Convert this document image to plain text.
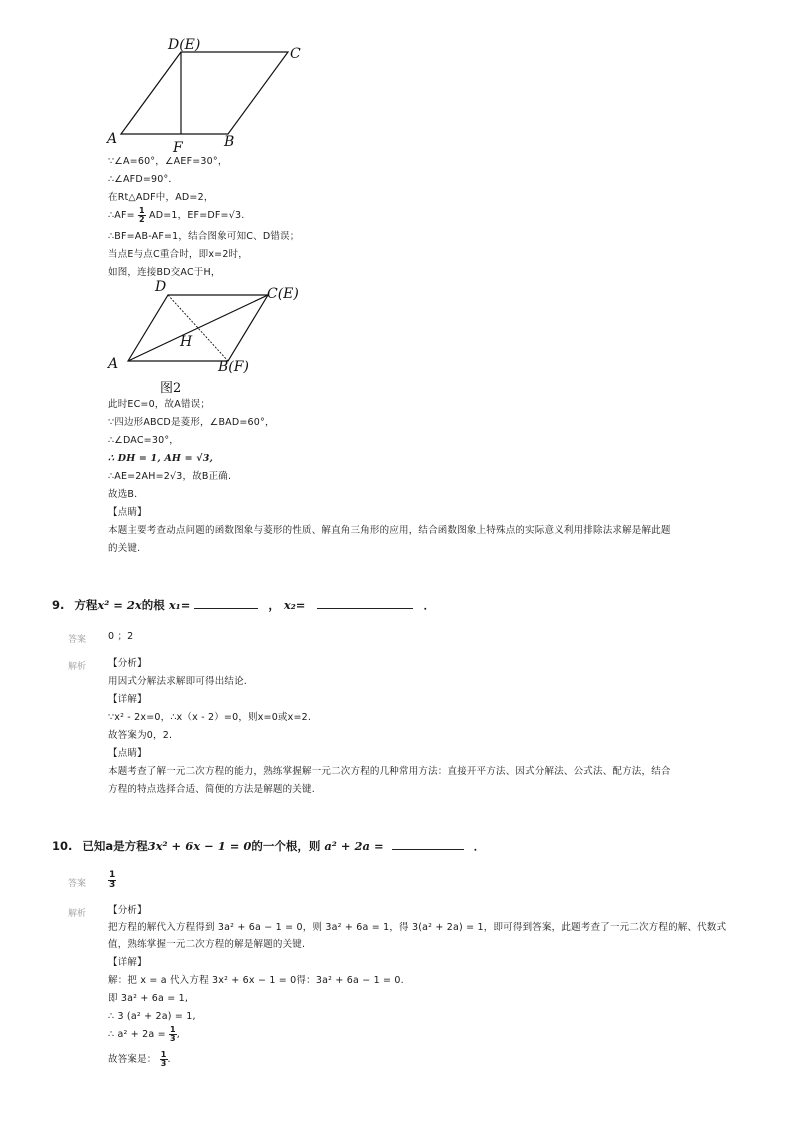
D(E)
C
A
F	B
∵∠A=60°，∠AEF=30°，
∴∠AFD=90°．
在Rt△ADF中，AD=2，
∴AF= $\frac{1}{2} AD=1$，EF=DF=√3.
∴BF=AB-AF=1，结合图象可知C、D错误；
当点E与点C重合时，即x=2时，
如图，连接BD交AC于H，
D	C(E)
A
H
B(F)
图2
此时EC=0，故A错误；
∵四边形ABCD是菱形，∠BAD=60°，
∴∠DAC=30°，
∴ DH = 1, AH = √3,
∴AE=2AH=2√3，故B正确.
故选B.
【点睛】
本题主要考查动点问题的函数图象与菱形的性质、解直角三角形的应用，结合函数图象上特殊点的实际意义利用排除法求解是解此题
的关键.
9. 方程x² = 2x的根 x₁=	， x₂=	．
答案 0 ；2
解析 【分析】
用因式分解法求解即可得出结论.
【详解】
∵x² - 2x=0，∴x（x - 2）=0，则x=0或x=2.
故答案为0，2.
【点睛】
本题考查了解一元二次方程的能力，熟练掌握解一元二次方程的几种常用方法：直接开平方法、因式分解法、公式法、配方法，结合
方程的特点选择合适、简便的方法是解题的关键.
10. 已知a是方程3x² + 6x − 1 = 0的一个根，则 a² + 2a =	．
答案 $\frac{1}{3}$
解析 【分析】
把方程的解代入方程得到 3a² + 6a − 1 = 0，则 3a² + 6a = 1，得 3(a² + 2a) = 1，即可得到答案，此题考查了一元二次方程的解、代数式
值，熟练掌握一元二次方程的解是解题的关键.
【详解】
解：把 x = a 代入方程 3x² + 6x − 1 = 0得：3a² + 6a − 1 = 0.
即 3a² + 6a = 1,
∴ 3 (a² + 2a) = 1,
∴ $a^2 + 2a = \frac{1}{3}$ ,
故答案是： $\frac{1}{3}$ .
